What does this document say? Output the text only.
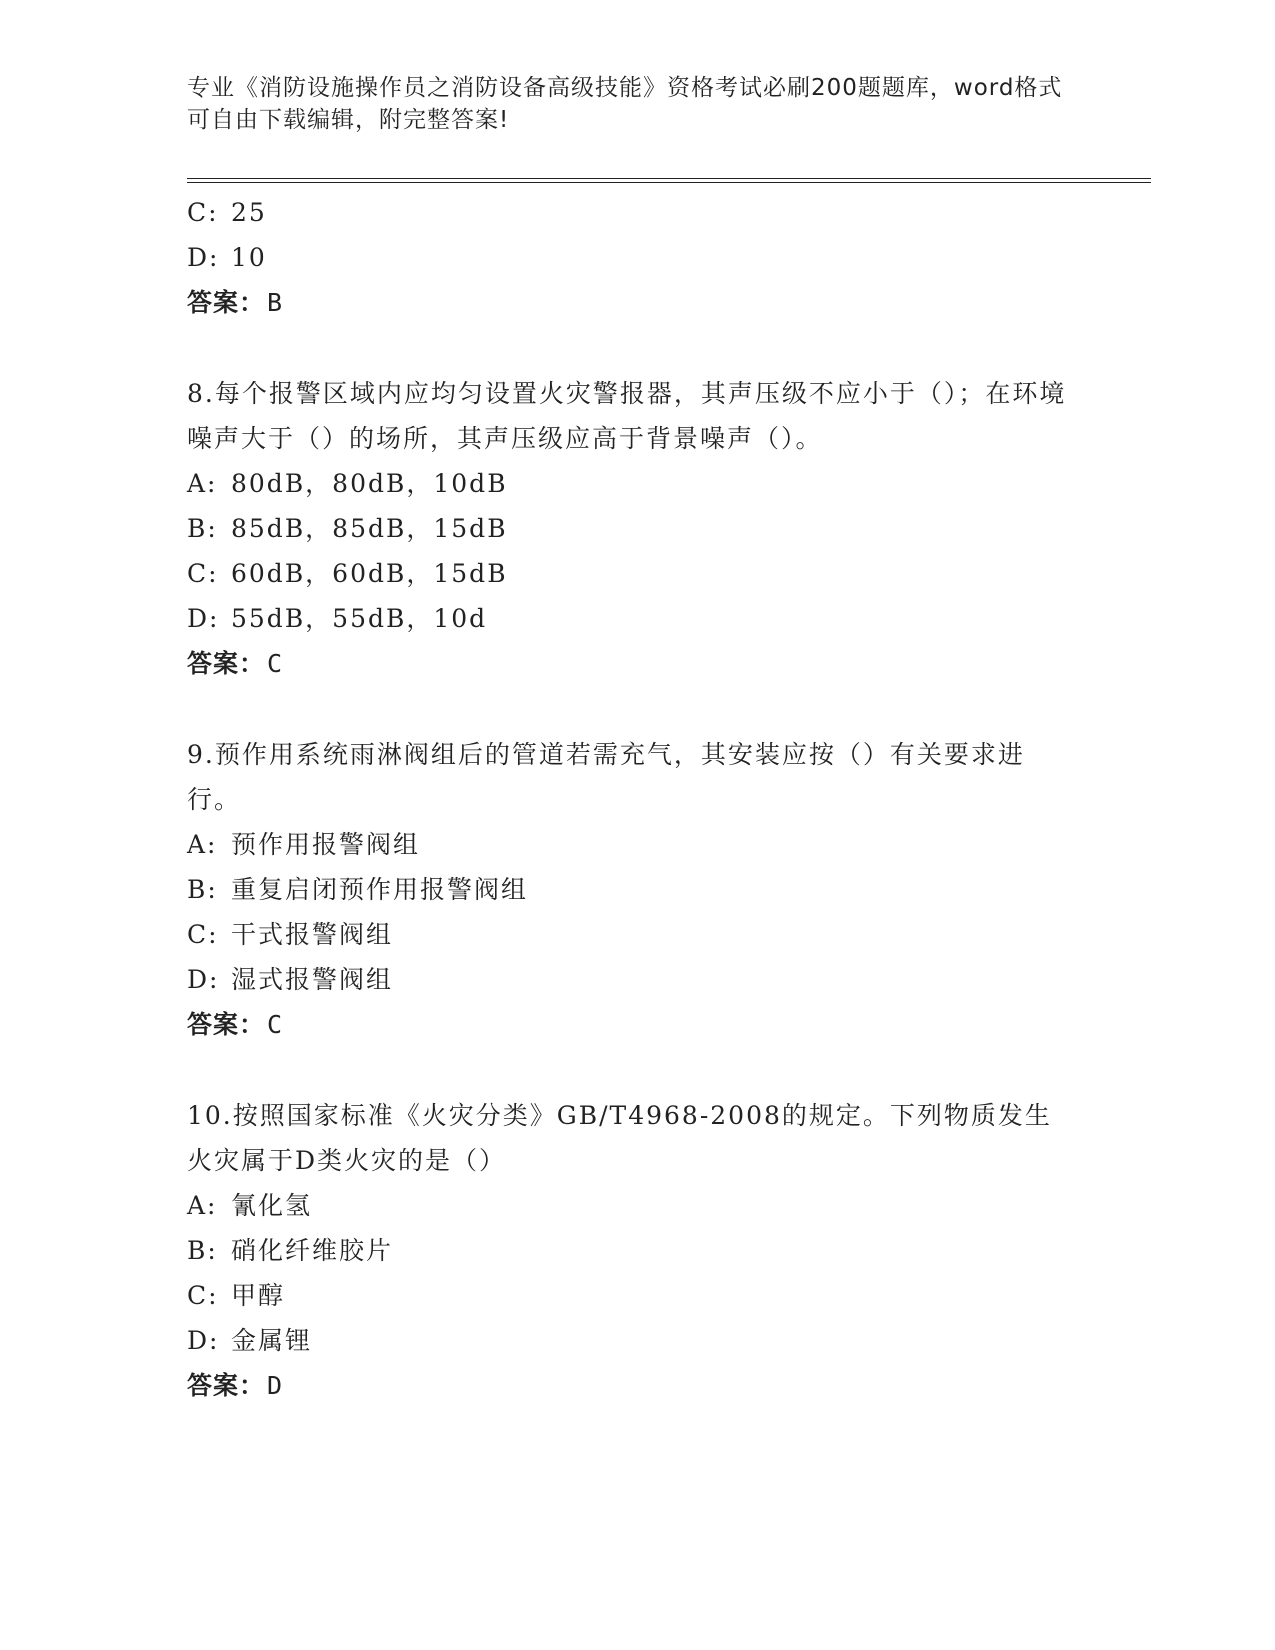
专业《消防设施操作员之消防设备高级技能》资格考试必刷200题题库，word格式可自由下载编辑，附完整答案!
C: 25
D: 10
答案：B
8.每个报警区域内应均匀设置火灾警报器，其声压级不应小于（）；在环境噪声大于（）的场所，其声压级应高于背景噪声（）。
A: 80dB，80dB，10dB
B: 85dB，85dB，15dB
C: 60dB，60dB，15dB
D: 55dB，55dB，10d
答案：C
9.预作用系统雨淋阀组后的管道若需充气，其安装应按（）有关要求进行。
A: 预作用报警阀组
B: 重复启闭预作用报警阀组
C: 干式报警阀组
D: 湿式报警阀组
答案：C
10.按照国家标准《火灾分类》GB/T4968-2008的规定。下列物质发生火灾属于D类火灾的是（）
A: 氰化氢
B: 硝化纤维胶片
C: 甲醇
D: 金属锂
答案：D
